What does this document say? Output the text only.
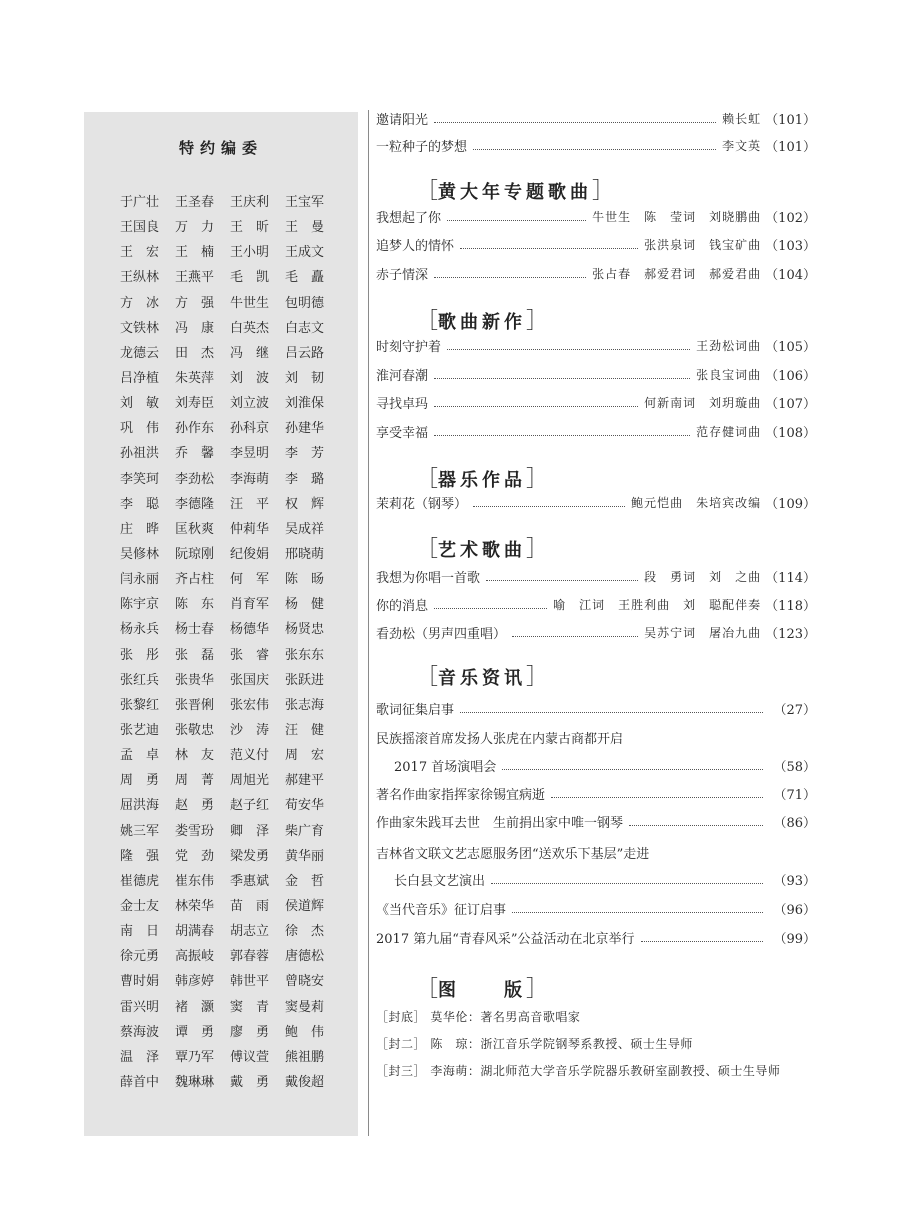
特约编委
于广壮	王圣春	王庆利	王宝军
王国良	万　力	王　昕	王　曼
王　宏	王　楠	王小明	王成文
王纵林	王燕平	毛　凯	毛　矗
方　冰	方　强	牛世生	包明德
文铁林	冯　康	白英杰	白志文
龙德云	田　杰	冯　继	吕云路
吕净植	朱英萍	刘　波	刘　韧
刘　敏	刘寿臣	刘立波	刘淮保
巩　伟	孙作东	孙科京	孙建华
孙祖洪	乔　馨	李昱明	李　芳
李笑珂	李劲松	李海萌	李　璐
李　聪	李德隆	汪　平	权　辉
庄　晔	匡秋爽	仲莉华	吴成祥
吴修林	阮琼刚	纪俊娟	邢晓萌
闫永丽	齐占柱	何　军	陈　旸
陈宇京	陈　东	肖育军	杨　健
杨永兵	杨士春	杨德华	杨贤忠
张　彤	张　磊	张　睿	张东东
张红兵	张贵华	张国庆	张跃进
张黎红	张晋俐	张宏伟	张志海
张艺迪	张敬忠	沙　涛	汪　健
孟　卓	林　友	范义付	周　宏
周　勇	周　菁	周旭光	郝建平
屈洪海	赵　勇	赵子红	荀安华
姚三军	娄雪玢	卿　泽	柴广育
隆　强	党　劲	梁发勇	黄华丽
崔德虎	崔东伟	季惠斌	金　哲
金士友	林荣华	苗　雨	侯道辉
南　日	胡满春	胡志立	徐　杰
徐元勇	高振岐	郭春蓉	唐德松
曹时娟	韩彦婷	韩世平	曾晓安
雷兴明	褚　灏	窦　青	窦曼莉
蔡海波	谭　勇	廖　勇	鲍　伟
温　泽	覃乃军	傅议萱	熊祖鹏
薛首中	魏琳琳	戴　勇	戴俊超
邀请阳光	赖长虹 （101）
一粒种子的梦想	李文英 （101）
［黄大年专题歌曲］
我想起了你	牛世生　陈　莹词　刘晓鹏曲 （102）
追梦人的情怀	张洪泉词　钱宝矿曲 （103）
赤子情深	张占春　郝爱君词　郝爱君曲 （104）
［歌曲新作］
时刻守护着	王劲松词曲 （105）
淮河春潮	张良宝词曲 （106）
寻找卓玛	何新南词　刘玥璇曲 （107）
享受幸福	范存健词曲 （108）
［器乐作品］
茉莉花（钢琴）	鲍元恺曲　朱培宾改编 （109）
［艺术歌曲］
我想为你唱一首歌	段　勇词　刘　之曲 （114）
你的消息	喻　江词　王胜利曲　刘　聪配伴奏 （118）
看劲松（男声四重唱）	吴苏宁词　屠冶九曲 （123）
［音乐资讯］
歌词征集启事	（27）
民族摇滚首席发扬人张虎在内蒙古商都开启
2017 首场演唱会	（58）
著名作曲家指挥家徐锡宜病逝	（71）
作曲家朱践耳去世　生前捐出家中唯一钢琴	（86）
吉林省文联文艺志愿服务团“送欢乐下基层”走进
长白县文艺演出	（93）
《当代音乐》征订启事	（96）
2017 第九届“青春风采”公益活动在北京举行	（99）
［图　　版］
［封底］ 莫华伦：著名男高音歌唱家
［封二］ 陈　琼：浙江音乐学院钢琴系教授、硕士生导师
［封三］ 李海萌：湖北师范大学音乐学院器乐教研室副教授、硕士生导师
